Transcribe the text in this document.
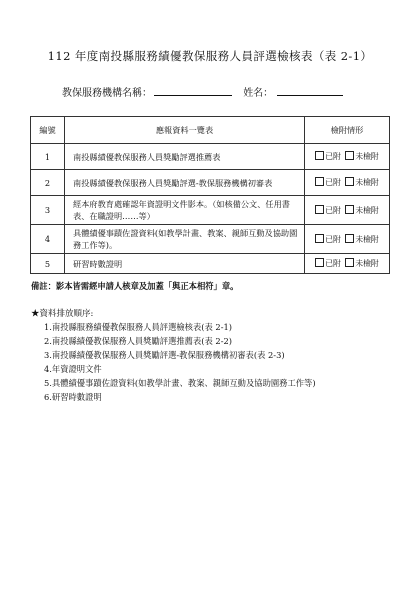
112 年度南投縣服務績優教保服務人員評選檢核表（表 2-1）
教保服務機構名稱：	姓名：
編號	應報資料一覽表	檢附情形
1	南投縣績優教保服務人員獎勵評選推薦表	已附 未檢附
2	南投縣績優教保服務人員獎勵評選-教保服務機構初審表	已附 未檢附
3	經本府教育處確認年資證明文件影本。（如核備公文、任用書表、在職證明……等）	已附 未檢附
4	具體績優事蹟佐證資料(如教學計畫、教案、親師互動及協助園務工作等)。	已附 未檢附
5	研習時數證明	已附 未檢附
備註：影本皆需經申請人核章及加蓋「與正本相符」章。
★資料排放順序:
1.南投縣服務績優教保服務人員評選檢核表(表 2-1)
2.南投縣績優教保服務人員獎勵評選推薦表(表 2-2)
3.南投縣績優教保服務人員獎勵評選-教保服務機構初審表(表 2-3)
4.年資證明文件
5.具體績優事蹟佐證資料(如教學計畫、教案、親師互動及協助園務工作等)
6.研習時數證明
